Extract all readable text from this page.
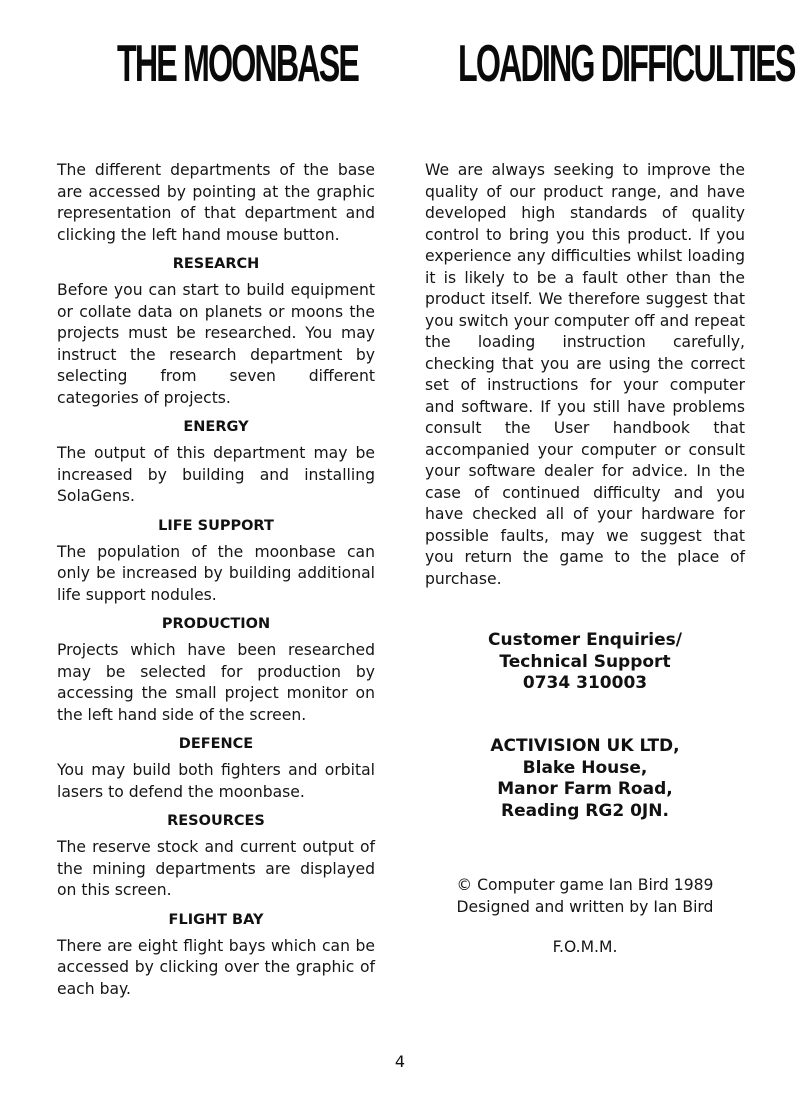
THE MOONBASE LOADING DIFFICULTIES

The different departments of the base are accessed by pointing at the graphic representation of that department and clicking the left hand mouse button.

RESEARCH

Before you can start to build equipment or collate data on planets or moons the projects must be researched. You may instruct the research department by selecting from seven different categories of projects.

ENERGY

The output of this department may be increased by building and installing SolaGens.

LIFE SUPPORT

The population of the moonbase can only be increased by building additional life support nodules.

PRODUCTION

Projects which have been researched may be selected for production by accessing the small project monitor on the left hand side of the screen.

DEFENCE

You may build both fighters and orbital lasers to defend the moonbase.

RESOURCES

The reserve stock and current output of the mining departments are displayed on this screen.

FLIGHT BAY

There are eight flight bays which can be accessed by clicking over the graphic of each bay.

We are always seeking to improve the quality of our product range, and have developed high standards of quality control to bring you this product. If you experience any difficulties whilst loading it is likely to be a fault other than the product itself. We therefore suggest that you switch your computer off and repeat the loading instruction carefully, checking that you are using the correct set of instructions for your computer and software. If you still have problems consult the User handbook that accompanied your computer or consult your software dealer for advice. In the case of continued difficulty and you have checked all of your hardware for possible faults, may we suggest that you return the game to the place of purchase.

Customer Enquiries/
Technical Support
0734 310003
ACTIVISION UK LTD,
Blake House,
Manor Farm Road,
Reading RG2 0JN.
© Computer game Ian Bird 1989
Designed and written by Ian Bird
F.O.M.M.
4
